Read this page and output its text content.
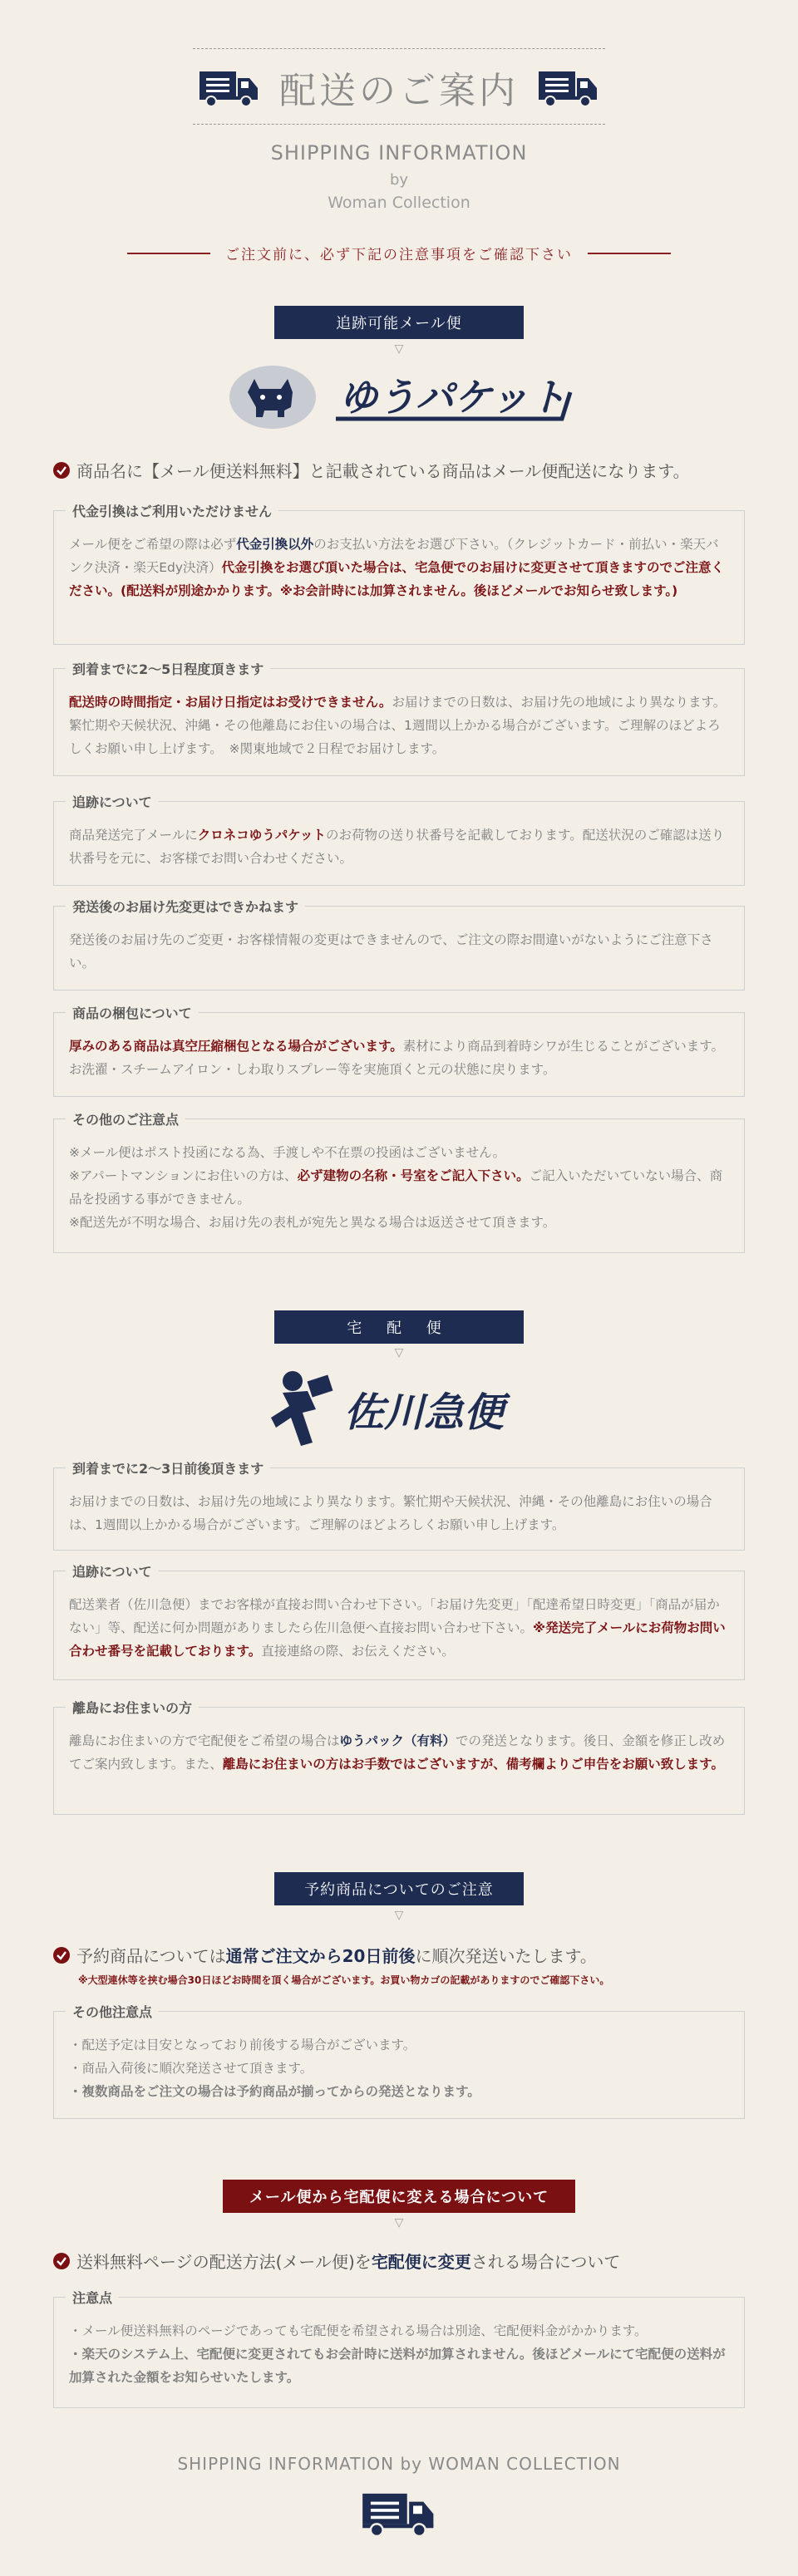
配送のご案内
SHIPPING INFORMATION
by
Woman Collection
ご注文前に、必ず下記の注意事項をご確認下さい
追跡可能メール便
▽
ゆうパケット
商品名に【メール便送料無料】と記載されている商品はメール便配送になります。
代金引換はご利用いただけません

メール便をご希望の際は必ず代金引換以外のお支払い方法をお選び下さい。（クレジットカード・前払い・楽天バンク決済・楽天Edy決済）代金引換をお選び頂いた場合は、宅急便でのお届けに変更させて頂きますのでご注意ください。(配送料が別途かかります。※お会計時には加算されません。後ほどメールでお知らせ致します。)

到着までに2〜5日程度頂きます

配送時の時間指定・お届け日指定はお受けできません。お届けまでの日数は、お届け先の地域により異なります。繁忙期や天候状況、沖縄・その他離島にお住いの場合は、1週間以上かかる場合がございます。ご理解のほどよろしくお願い申し上げます。　※関東地域で２日程でお届けします。

追跡について

商品発送完了メールにクロネコゆうパケットのお荷物の送り状番号を記載しております。配送状況のご確認は送り状番号を元に、お客様でお問い合わせください。

発送後のお届け先変更はできかねます

発送後のお届け先のご変更・お客様情報の変更はできませんので、ご注文の際お間違いがないようにご注意下さい。

商品の梱包について

厚みのある商品は真空圧縮梱包となる場合がございます。素材により商品到着時シワが生じることがございます。お洗濯・スチームアイロン・しわ取りスプレー等を実施頂くと元の状態に戻ります。

その他のご注意点

※メール便はポスト投函になる為、手渡しや不在票の投函はございません。

※アパートマンションにお住いの方は、必ず建物の名称・号室をご記入下さい。ご記入いただいていない場合、商品を投函する事ができません。

※配送先が不明な場合、お届け先の表札が宛先と異なる場合は返送させて頂きます。

宅 配 便
▽
佐川急便
到着までに2〜3日前後頂きます

お届けまでの日数は、お届け先の地域により異なります。繁忙期や天候状況、沖縄・その他離島にお住いの場合は、1週間以上かかる場合がございます。ご理解のほどよろしくお願い申し上げます。

追跡について

配送業者（佐川急便）までお客様が直接お問い合わせ下さい。「お届け先変更」「配達希望日時変更」「商品が届かない」等、配送に何か問題がありましたら佐川急便へ直接お問い合わせ下さい。※発送完了メールにお荷物お問い合わせ番号を記載しております。直接連絡の際、お伝えください。

離島にお住まいの方

離島にお住まいの方で宅配便をご希望の場合はゆうパック（有料）での発送となります。後日、金額を修正し改めてご案内致します。また、離島にお住まいの方はお手数ではございますが、備考欄よりご申告をお願い致します。

予約商品についてのご注意
▽
予約商品については通常ご注文から20日前後に順次発送いたします。
※大型連休等を挟む場合30日ほどお時間を頂く場合がございます。お買い物カゴの記載がありますのでご確認下さい。
その他注意点

・配送予定は目安となっており前後する場合がございます。

・商品入荷後に順次発送させて頂きます。

・複数商品をご注文の場合は予約商品が揃ってからの発送となります。

メール便から宅配便に変える場合について
▽
送料無料ページの配送方法(メール便)を宅配便に変更される場合について
注意点

・メール便送料無料のページであっても宅配便を希望される場合は別途、宅配便料金がかかります。

・楽天のシステム上、宅配便に変更されてもお会計時に送料が加算されません。後ほどメールにて宅配便の送料が加算された金額をお知らせいたします。

SHIPPING INFORMATION by WOMAN COLLECTION
